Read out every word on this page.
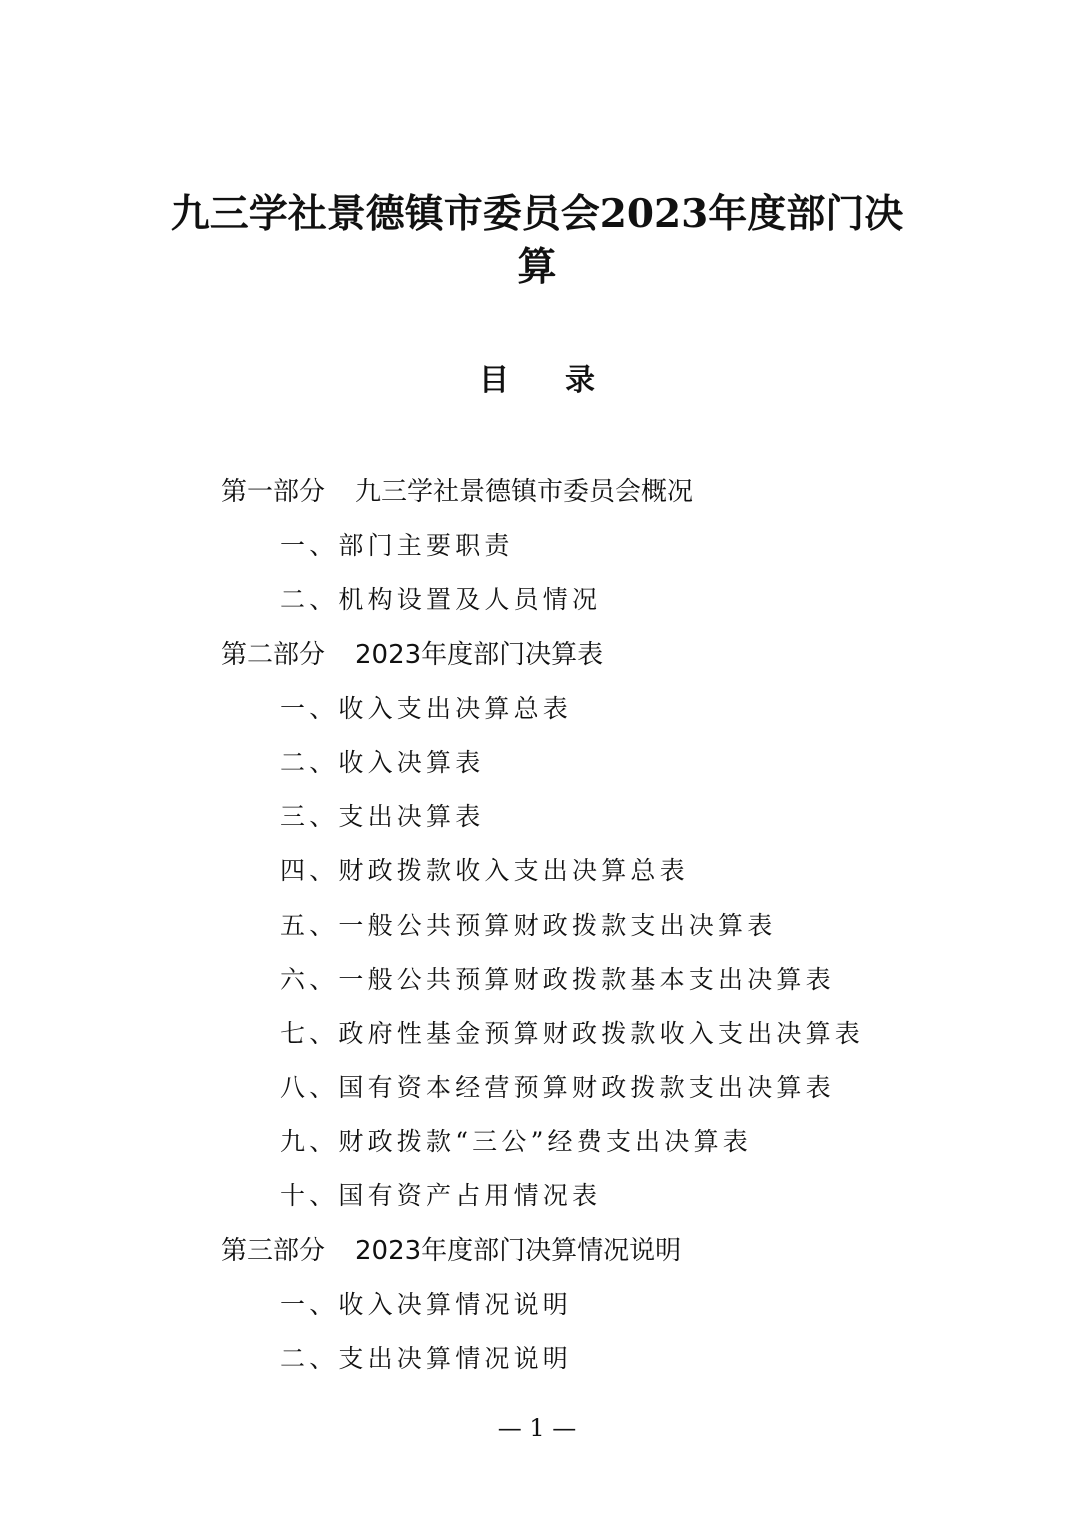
九三学社景德镇市委员会2023年度部门决
算
目 录
第一部分 九三学社景德镇市委员会概况
一、部门主要职责
二、机构设置及人员情况
第二部分 2023年度部门决算表
一、收入支出决算总表
二、收入决算表
三、支出决算表
四、财政拨款收入支出决算总表
五、一般公共预算财政拨款支出决算表
六、一般公共预算财政拨款基本支出决算表
七、政府性基金预算财政拨款收入支出决算表
八、国有资本经营预算财政拨款支出决算表
九、财政拨款“三公”经费支出决算表
十、国有资产占用情况表
第三部分 2023年度部门决算情况说明
一、收入决算情况说明
二、支出决算情况说明
— 1 —
